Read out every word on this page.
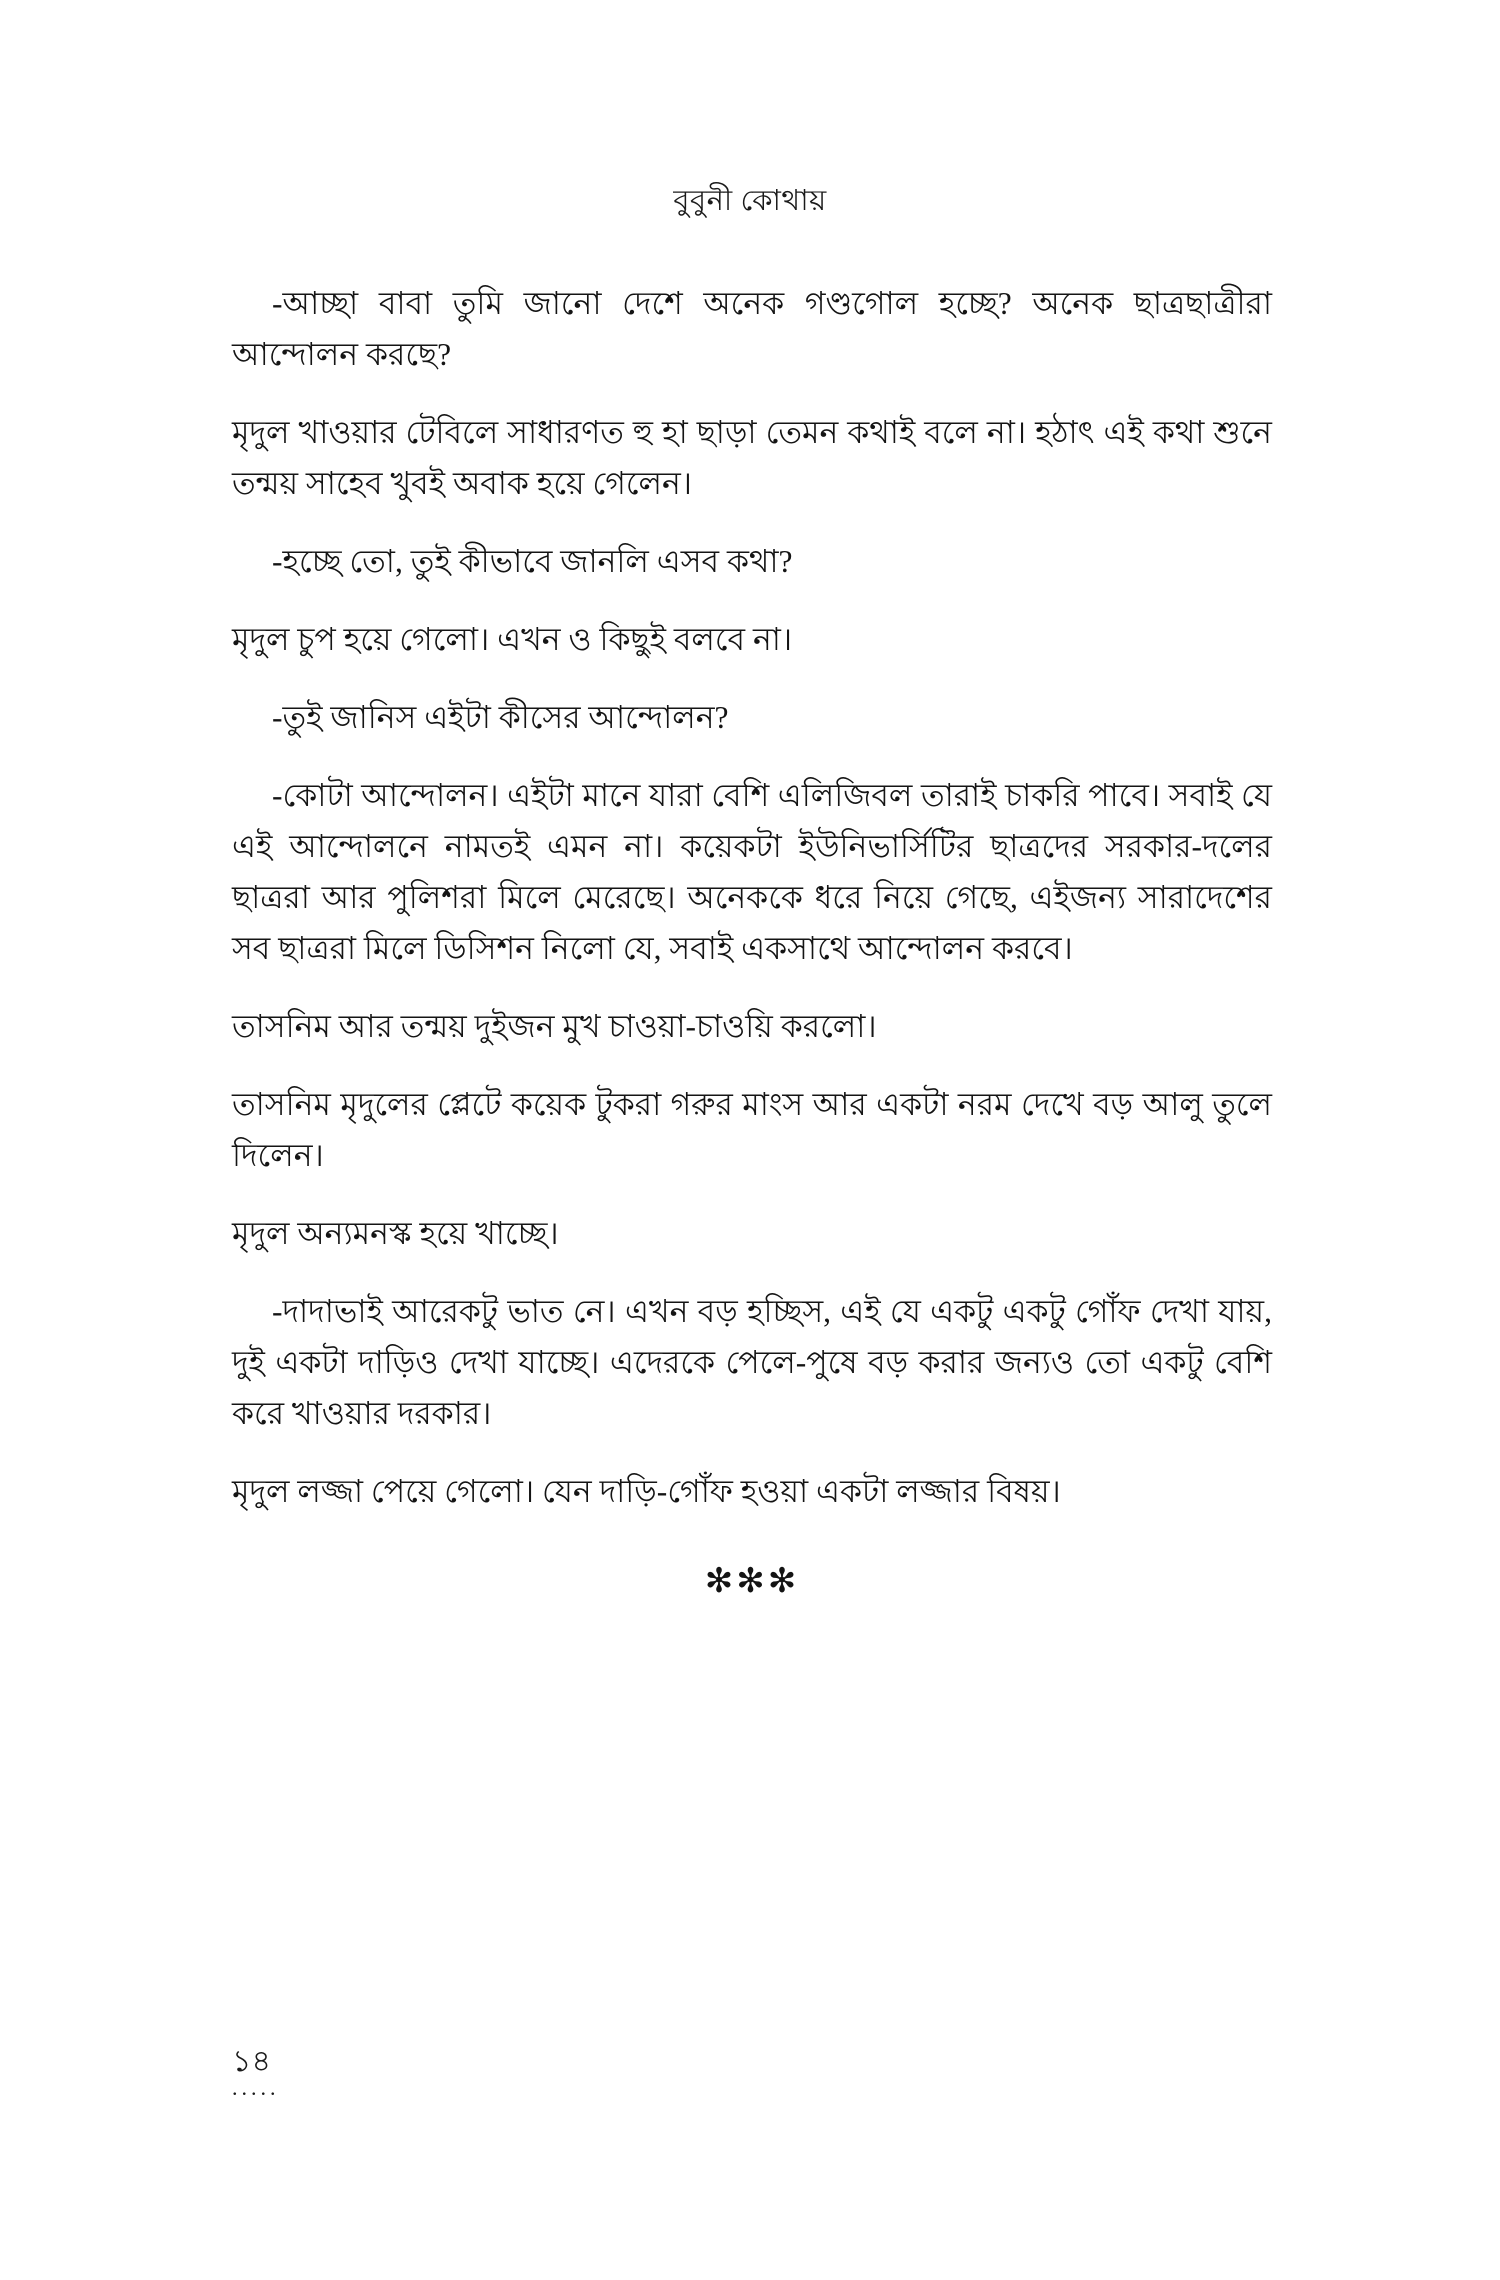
বুবুনী কোথায়

-আচ্ছা বাবা তুমি জানো দেশে অনেক গণ্ডগোল হচ্ছে? অনেক ছাত্রছাত্রীরা আন্দোলন করছে?

মৃদুল খাওয়ার টেবিলে সাধারণত হু হা ছাড়া তেমন কথাই বলে না। হঠাৎ এই কথা শুনে তন্ময় সাহেব খুবই অবাক হয়ে গেলেন।

-হচ্ছে তো, তুই কীভাবে জানলি এসব কথা?

মৃদুল চুপ হয়ে গেলো। এখন ও কিছুই বলবে না।

-তুই জানিস এইটা কীসের আন্দোলন?

-কোটা আন্দোলন। এইটা মানে যারা বেশি এলিজিবল তারাই চাকরি পাবে। সবাই যে এই আন্দোলনে নামতই এমন না। কয়েকটা ইউনিভার্সিটির ছাত্রদের সরকার-দলের ছাত্ররা আর পুলিশরা মিলে মেরেছে। অনেককে ধরে নিয়ে গেছে, এইজন্য সারাদেশের সব ছাত্ররা মিলে ডিসিশন নিলো যে, সবাই একসাথে আন্দোলন করবে।

তাসনিম আর তন্ময় দুইজন মুখ চাওয়া-চাওয়ি করলো।

তাসনিম মৃদুলের প্লেটে কয়েক টুকরা গরুর মাংস আর একটা নরম দেখে বড় আলু তুলে দিলেন।

মৃদুল অন্যমনস্ক হয়ে খাচ্ছে।

-দাদাভাই আরেকটু ভাত নে। এখন বড় হচ্ছিস, এই যে একটু একটু গোঁফ দেখা যায়, দুই একটা দাড়িও দেখা যাচ্ছে। এদেরকে পেলে-পুষে বড় করার জন্যও তো একটু বেশি করে খাওয়ার দরকার।

মৃদুল লজ্জা পেয়ে গেলো। যেন দাড়ি-গোঁফ হওয়া একটা লজ্জার বিষয়।

✻✻✻
১৪
.....
